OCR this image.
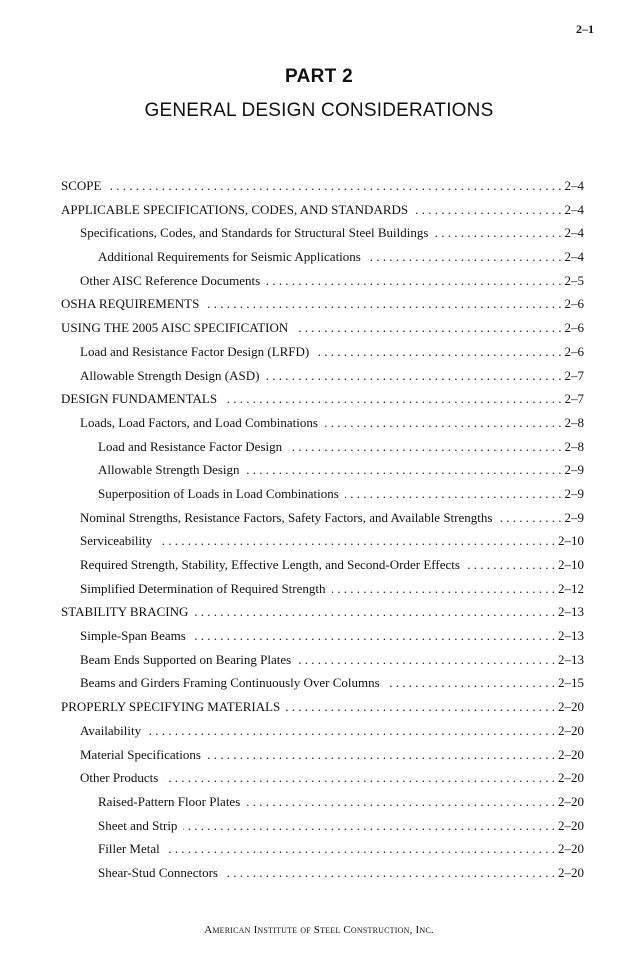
2–1
PART 2
GENERAL DESIGN CONSIDERATIONS
SCOPE . . .	2–4
APPLICABLE SPECIFICATIONS, CODES, AND STANDARDS . . .	2–4
Specifications, Codes, and Standards for Structural Steel Buildings . . .	2–4
Additional Requirements for Seismic Applications . . .	2–4
Other AISC Reference Documents . . .	2–5
OSHA REQUIREMENTS . . .	2–6
USING THE 2005 AISC SPECIFICATION . . .	2–6
Load and Resistance Factor Design (LRFD) . . .	2–6
Allowable Strength Design (ASD) . . .	2–7
DESIGN FUNDAMENTALS . . .	2–7
Loads, Load Factors, and Load Combinations . . .	2–8
Load and Resistance Factor Design . . .	2–8
Allowable Strength Design . . .	2–9
Superposition of Loads in Load Combinations . . .	2–9
Nominal Strengths, Resistance Factors, Safety Factors, and Available Strengths . . .	2–9
Serviceability . . .	2–10
Required Strength, Stability, Effective Length, and Second-Order Effects . . .	2–10
Simplified Determination of Required Strength . . .	2–12
STABILITY BRACING . . .	2–13
Simple-Span Beams . . .	2–13
Beam Ends Supported on Bearing Plates . . .	2–13
Beams and Girders Framing Continuously Over Columns . . .	2–15
PROPERLY SPECIFYING MATERIALS . . .	2–20
Availability . . .	2–20
Material Specifications . . .	2–20
Other Products . . .	2–20
Raised-Pattern Floor Plates . . .	2–20
Sheet and Strip . . .	2–20
Filler Metal . . .	2–20
Shear-Stud Connectors . . .	2–20
American Institute of Steel Construction, Inc.
